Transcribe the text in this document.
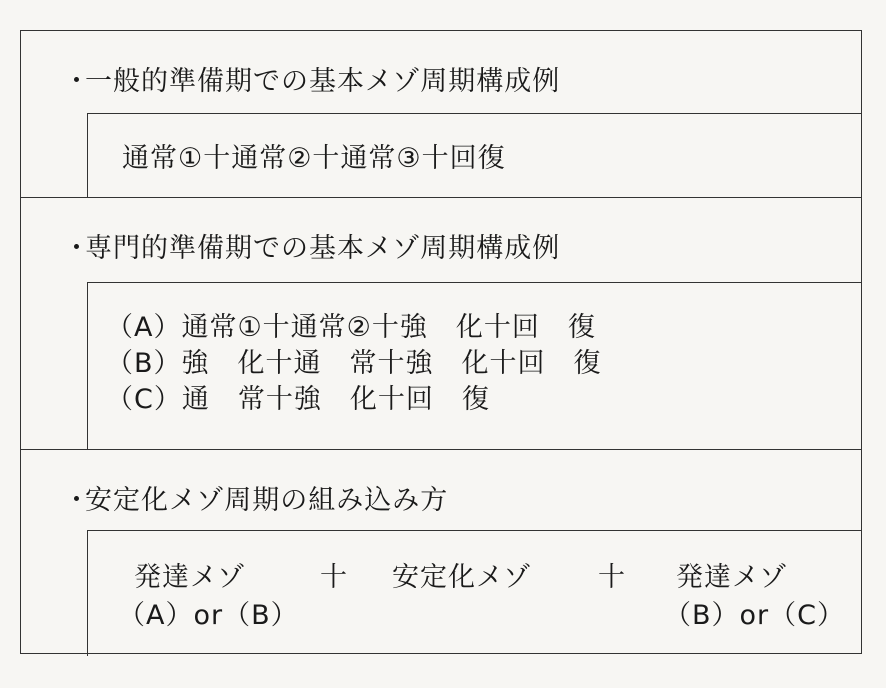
・一般的準備期での基本メゾ周期構成例
通常①十通常②十通常③十回復
・専門的準備期での基本メゾ周期構成例
（A）通常①十通常②十強　化十回　復
（B）強　化十通　常十強　化十回　復
（C）通　常十強　化十回　復
・安定化メゾ周期の組み込み方
発達メゾ	十 安定化メゾ 十 発達メゾ
（A）or（B）	（B）or（C）
